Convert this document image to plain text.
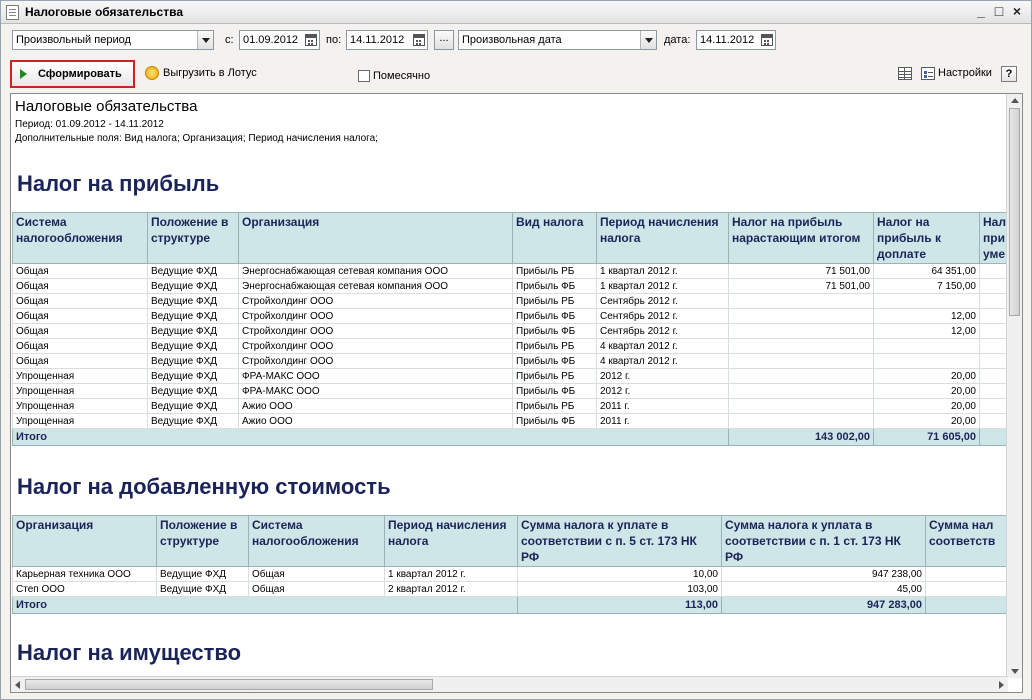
Налоговые обязательства	_ □ ×
Произвольный период	с: 01.09.2012	по: 14.11.2012	...	Произвольная дата	дата: 14.11.2012
Сформировать	Выгрузить в Лотус	Помесячно	Настройки	?
Налоговые обязательства
Период: 01.09.2012 - 14.11.2012
Дополнительные поля: Вид налога; Организация; Период начисления налога;
Налог на прибыль
Система налогообложения	Положение в структуре	Организация	Вид налога	Период начисления налога	Налог на прибыль нарастающим итогом	Налог на прибыль к доплате	Нал при уме
Общая	Ведущие ФХД	Энергоснабжающая сетевая компания ООО	Прибыль РБ	1 квартал 2012 г.	71 501,00	64 351,00	
Общая	Ведущие ФХД	Энергоснабжающая сетевая компания ООО	Прибыль ФБ	1 квартал 2012 г.	71 501,00	7 150,00	
Общая	Ведущие ФХД	Стройхолдинг ООО	Прибыль РБ	Сентябрь 2012 г.			
Общая	Ведущие ФХД	Стройхолдинг ООО	Прибыль ФБ	Сентябрь 2012 г.		12,00	
Общая	Ведущие ФХД	Стройхолдинг ООО	Прибыль ФБ	Сентябрь 2012 г.		12,00	
Общая	Ведущие ФХД	Стройхолдинг ООО	Прибыль РБ	4 квартал 2012 г.			
Общая	Ведущие ФХД	Стройхолдинг ООО	Прибыль ФБ	4 квартал 2012 г.			
Упрощенная	Ведущие ФХД	ФРА-МАКС ООО	Прибыль РБ	2012 г.		20,00	
Упрощенная	Ведущие ФХД	ФРА-МАКС ООО	Прибыль ФБ	2012 г.		20,00	
Упрощенная	Ведущие ФХД	Ажио ООО	Прибыль РБ	2011 г.		20,00	
Упрощенная	Ведущие ФХД	Ажио ООО	Прибыль ФБ	2011 г.		20,00	
Итого					143 002,00	71 605,00	
Налог на добавленную стоимость
Организация	Положение в структуре	Система налогообложения	Период начисления налога	Сумма налога к уплате в соответствии с п. 5 ст. 173 НК РФ	Сумма налога к уплата в соответствии с п. 1 ст. 173 НК РФ	Сумма нал соответств
Карьерная техника ООО	Ведущие ФХД	Общая	1 квартал 2012 г.	10,00	947 238,00	
Степ ООО	Ведущие ФХД	Общая	2 квартал 2012 г.	103,00	45,00	
Итого				113,00	947 283,00	
Налог на имущество
